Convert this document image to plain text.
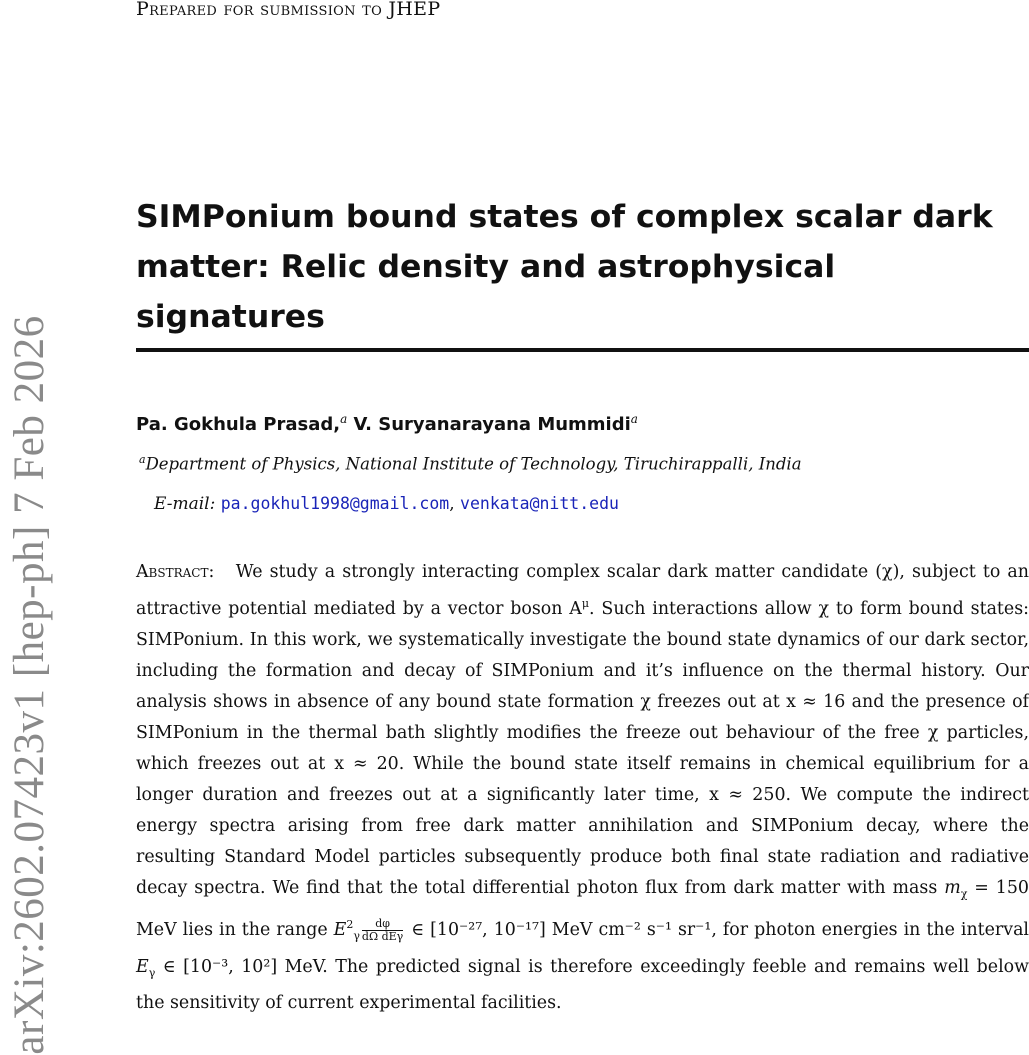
arXiv:2602.07423v1 [hep-ph] 7 Feb 2026
Prepared for submission to JHEP
SIMPonium bound states of complex scalar dark
matter: Relic density and astrophysical signatures
Pa. Gokhula Prasad,$^a$ V. Suryanarayana Mummidi$^a$
$^a$Department of Physics, National Institute of Technology, Tiruchirappalli, India
E-mail: pa.gokhul1998@gmail.com, venkata@nitt.edu
Abstract: We study a strongly interacting complex scalar dark matter candidate (χ), subject to an attractive potential mediated by a vector boson $A^\mu$. Such interactions allow χ to form bound states: SIMPonium. In this work, we systematically investigate the bound state dynamics of our dark sector, including the formation and decay of SIMPonium and it’s influence on the thermal history. Our analysis shows in absence of any bound state formation χ freezes out at x ≈ 16 and the presence of SIMPonium in the thermal bath slightly modifies the freeze out behaviour of the free χ particles, which freezes out at x ≈ 20. While the bound state itself remains in chemical equilibrium for a longer duration and freezes out at a significantly later time, x ≈ 250. We compute the indirect energy spectra arising from free dark matter annihilation and SIMPonium decay, where the resulting Standard Model particles subsequently produce both final state radiation and radiative decay spectra. We find that the total differential photon flux from dark matter with mass $m_\chi = 150$ MeV lies in the range $E^2_\gamma \frac{d\varphi}{\text{dΩ dEγ}}$ ∈ [10⁻²⁷, 10⁻¹⁷] MeV cm⁻² s⁻¹ sr⁻¹, for photon energies in the interval $E_\gamma$ ∈ [10⁻³, 10²] MeV. The predicted signal is therefore exceedingly feeble and remains well below the sensitivity of current experimental facilities.
